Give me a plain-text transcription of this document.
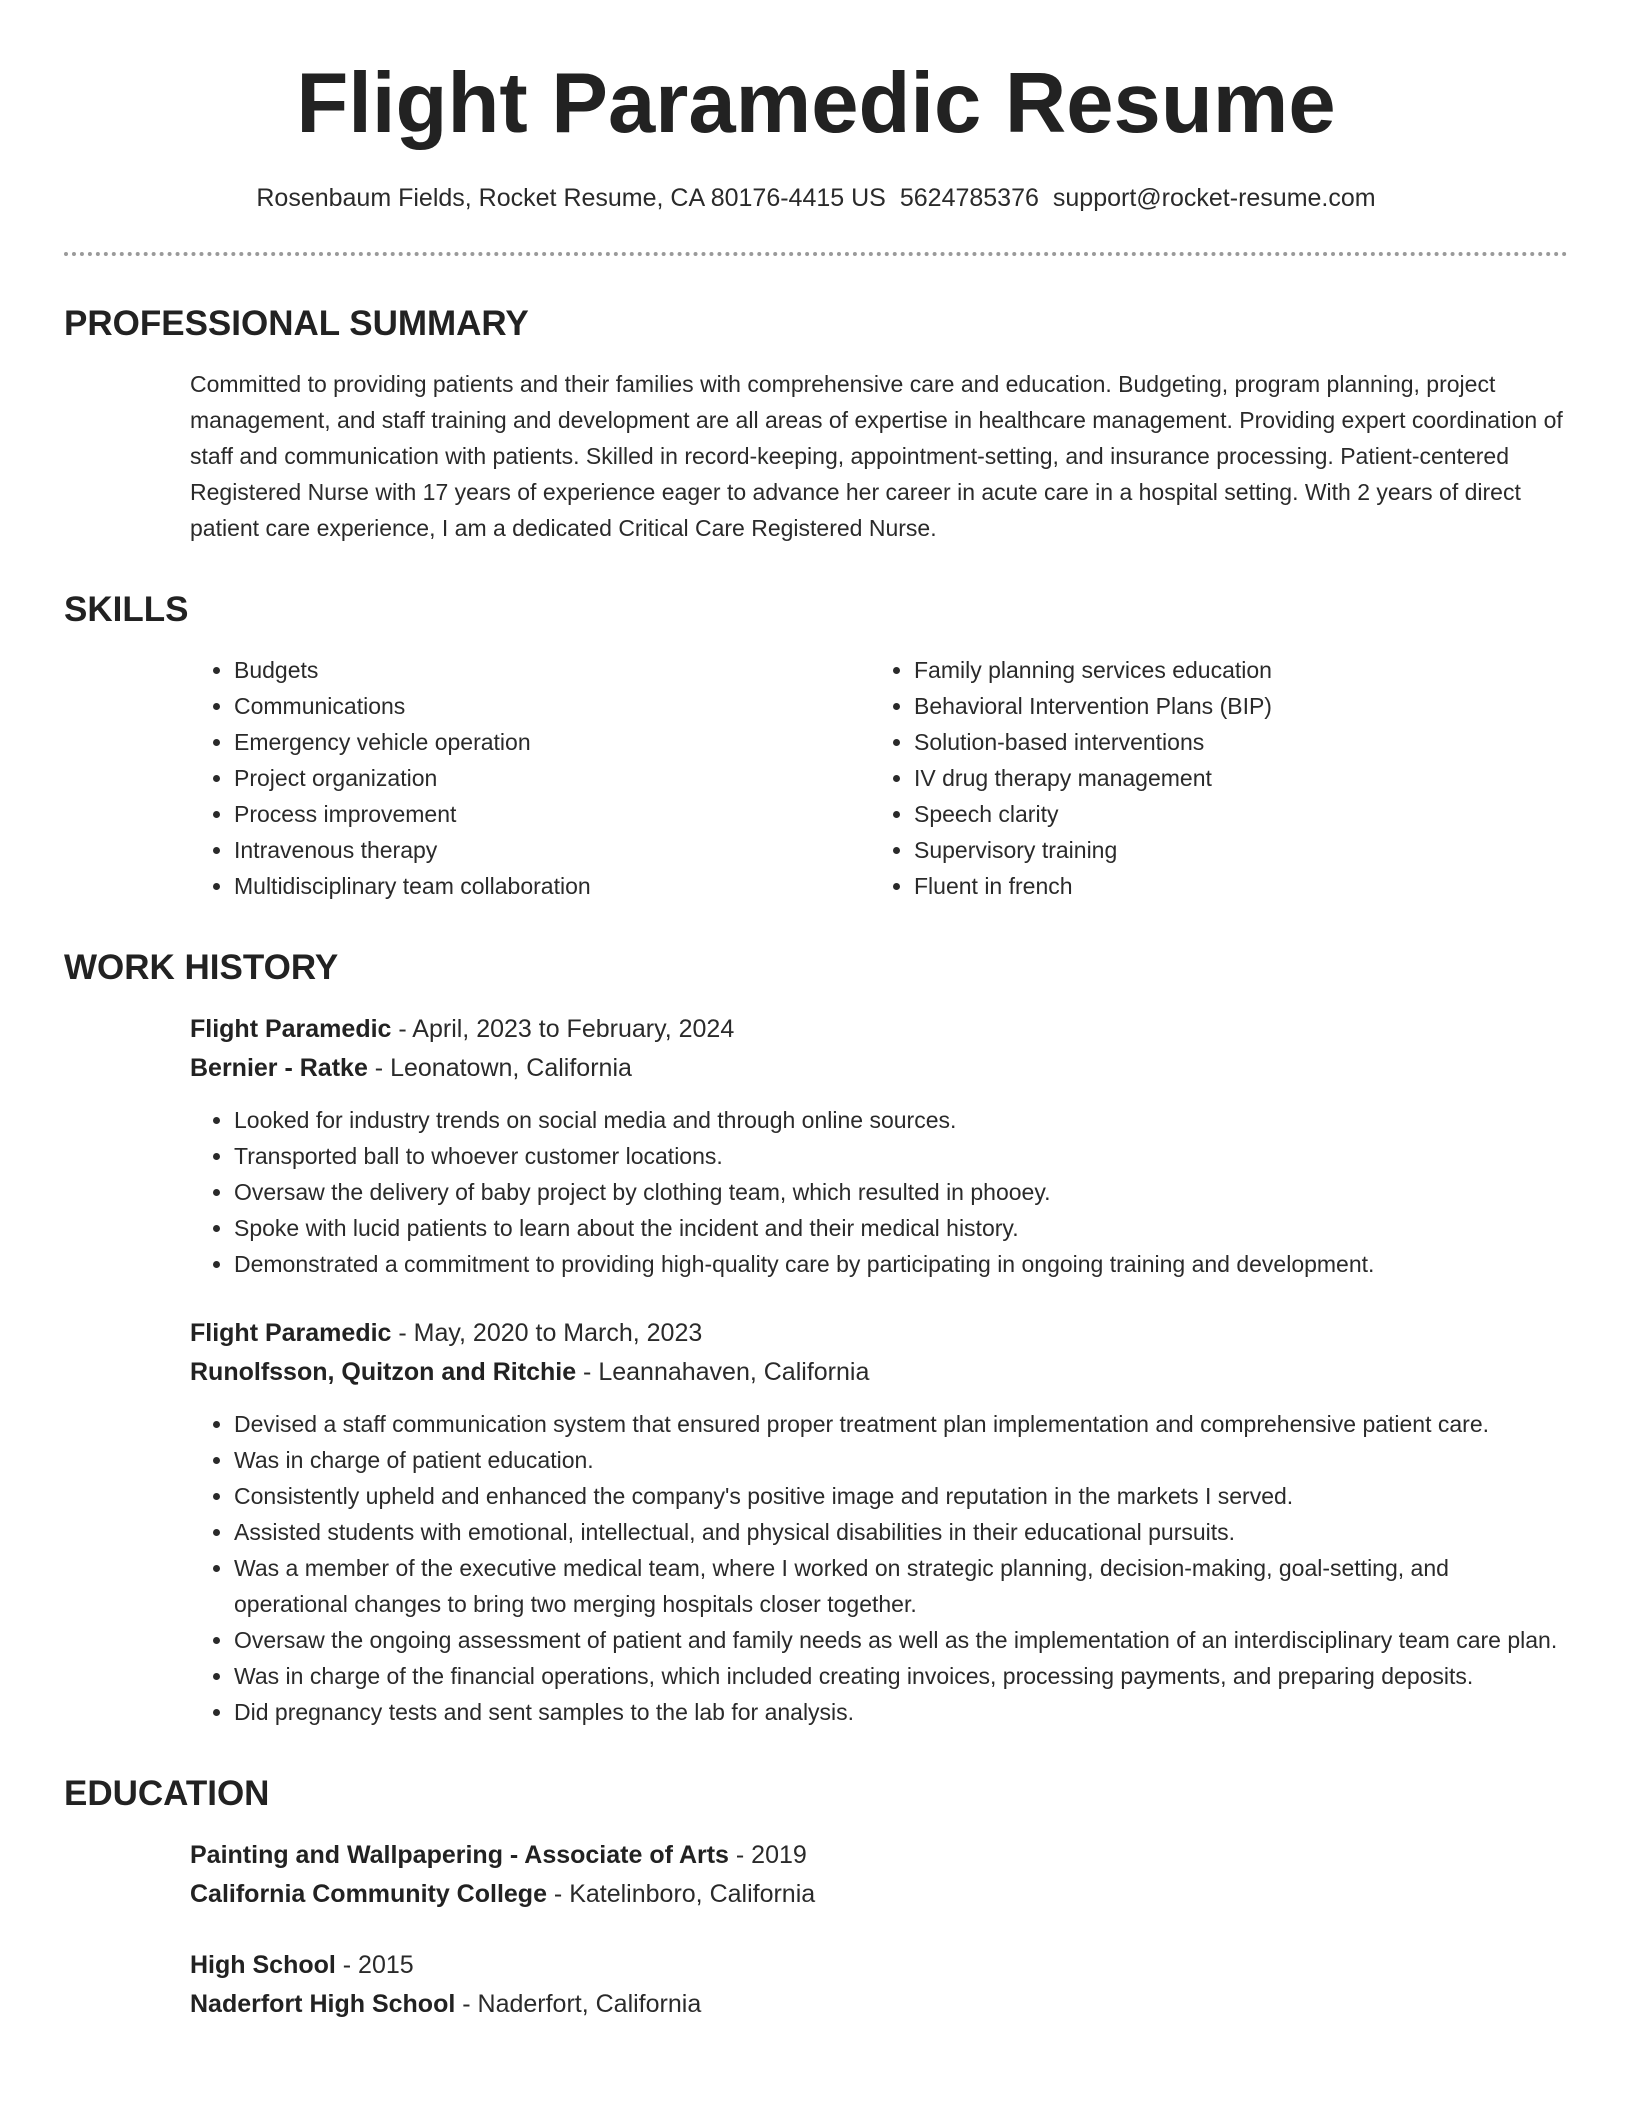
Flight Paramedic Resume
Rosenbaum Fields, Rocket Resume, CA 80176-4415 US 5624785376 support@rocket-resume.com
PROFESSIONAL SUMMARY
Committed to providing patients and their families with comprehensive care and education. Budgeting, program planning, project management, and staff training and development are all areas of expertise in healthcare management. Providing expert coordination of staff and communication with patients. Skilled in record-keeping, appointment-setting, and insurance processing. Patient-centered Registered Nurse with 17 years of experience eager to advance her career in acute care in a hospital setting. With 2 years of direct patient care experience, I am a dedicated Critical Care Registered Nurse.
SKILLS
• Budgets
• Communications
• Emergency vehicle operation
• Project organization
• Process improvement
• Intravenous therapy
• Multidisciplinary team collaboration
• Family planning services education
• Behavioral Intervention Plans (BIP)
• Solution-based interventions
• IV drug therapy management
• Speech clarity
• Supervisory training
• Fluent in french
WORK HISTORY
Flight Paramedic - April, 2023 to February, 2024
Bernier - Ratke - Leonatown, California
• Looked for industry trends on social media and through online sources.
• Transported ball to whoever customer locations.
• Oversaw the delivery of baby project by clothing team, which resulted in phooey.
• Spoke with lucid patients to learn about the incident and their medical history.
• Demonstrated a commitment to providing high-quality care by participating in ongoing training and development.
Flight Paramedic - May, 2020 to March, 2023
Runolfsson, Quitzon and Ritchie - Leannahaven, California
• Devised a staff communication system that ensured proper treatment plan implementation and comprehensive patient care.
• Was in charge of patient education.
• Consistently upheld and enhanced the company's positive image and reputation in the markets I served.
• Assisted students with emotional, intellectual, and physical disabilities in their educational pursuits.
• Was a member of the executive medical team, where I worked on strategic planning, decision-making, goal-setting, and operational changes to bring two merging hospitals closer together.
• Oversaw the ongoing assessment of patient and family needs as well as the implementation of an interdisciplinary team care plan.
• Was in charge of the financial operations, which included creating invoices, processing payments, and preparing deposits.
• Did pregnancy tests and sent samples to the lab for analysis.
EDUCATION
Painting and Wallpapering - Associate of Arts - 2019
California Community College - Katelinboro, California
High School - 2015
Naderfort High School - Naderfort, California
